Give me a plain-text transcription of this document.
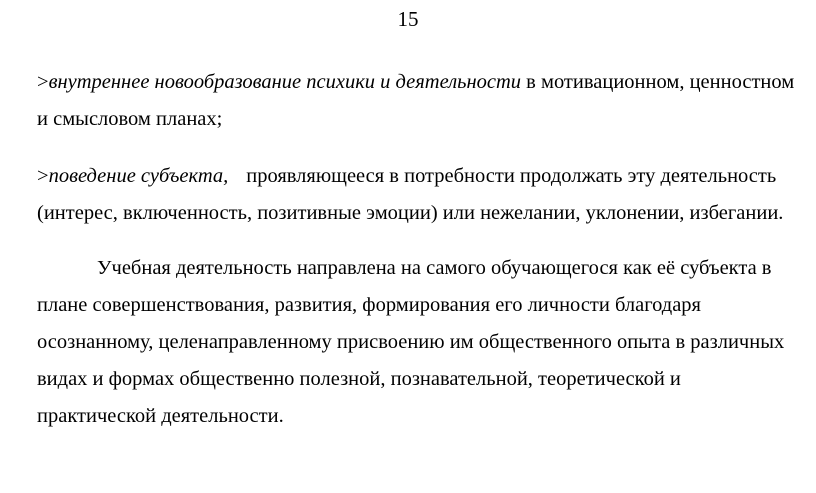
15

>внутреннее новообразование психики и деятельности в мотивационном, ценностном и смысловом планах;

>поведение субъекта, проявляющееся в потребности продолжать эту деятельность (интерес, включенность, позитивные эмоции) или нежелании, уклонении, избегании.

Учебная деятельность направлена на самого обучающегося как её субъекта в плане совершенствования, развития, формирования его личности благодаря осознанному, целенаправленному присвоению им общественного опыта в различных видах и формах общественно полезной, познавательной, теоретической и практической деятельности.
